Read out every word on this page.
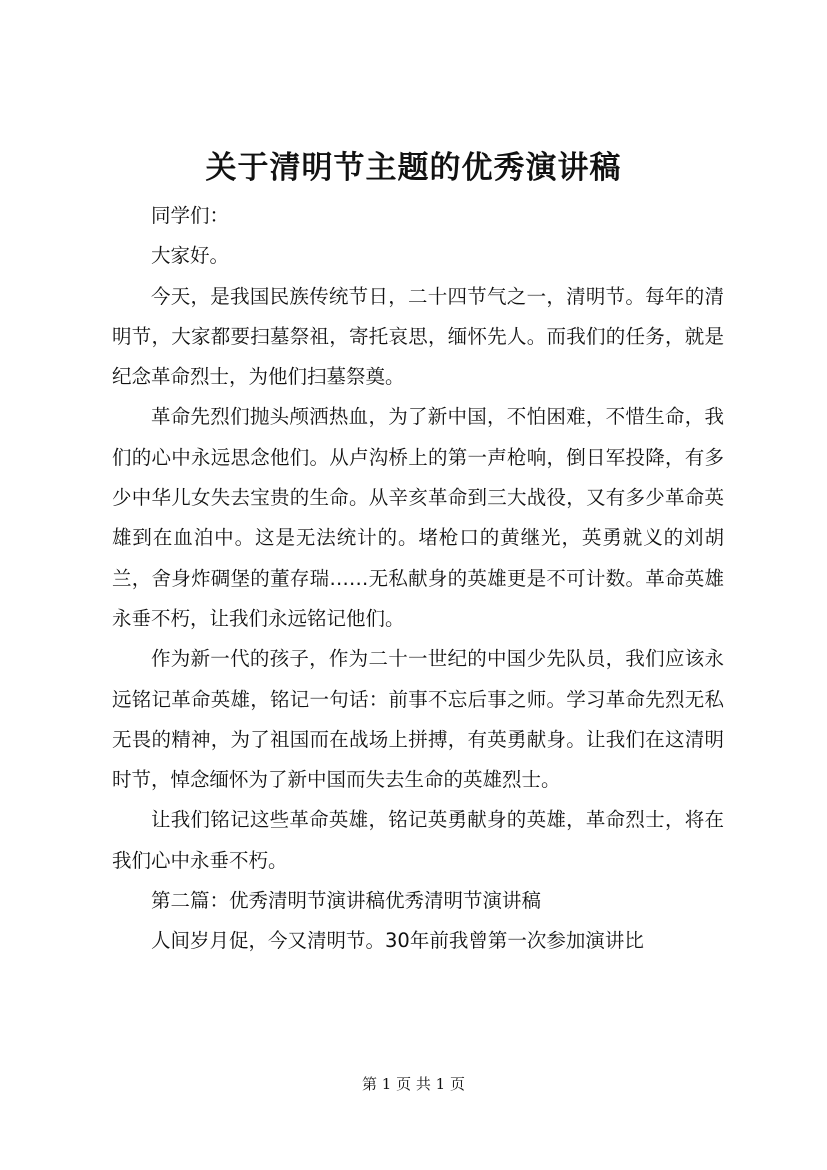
关于清明节主题的优秀演讲稿

同学们：

大家好。

今天，是我国民族传统节日，二十四节气之一，清明节。每年的清明节，大家都要扫墓祭祖，寄托哀思，缅怀先人。而我们的任务，就是纪念革命烈士，为他们扫墓祭奠。

革命先烈们抛头颅洒热血，为了新中国，不怕困难，不惜生命，我们的心中永远思念他们。从卢沟桥上的第一声枪响，倒日军投降，有多少中华儿女失去宝贵的生命。从辛亥革命到三大战役，又有多少革命英雄到在血泊中。这是无法统计的。堵枪口的黄继光，英勇就义的刘胡兰，舍身炸碉堡的董存瑞……无私献身的英雄更是不可计数。革命英雄永垂不朽，让我们永远铭记他们。

作为新一代的孩子，作为二十一世纪的中国少先队员，我们应该永远铭记革命英雄，铭记一句话：前事不忘后事之师。学习革命先烈无私无畏的精神，为了祖国而在战场上拼搏，有英勇献身。让我们在这清明时节，悼念缅怀为了新中国而失去生命的英雄烈士。

让我们铭记这些革命英雄，铭记英勇献身的英雄，革命烈士，将在我们心中永垂不朽。

第二篇：优秀清明节演讲稿优秀清明节演讲稿

人间岁月促，今又清明节。30年前我曾第一次参加演讲比

第 1 页 共 1 页
